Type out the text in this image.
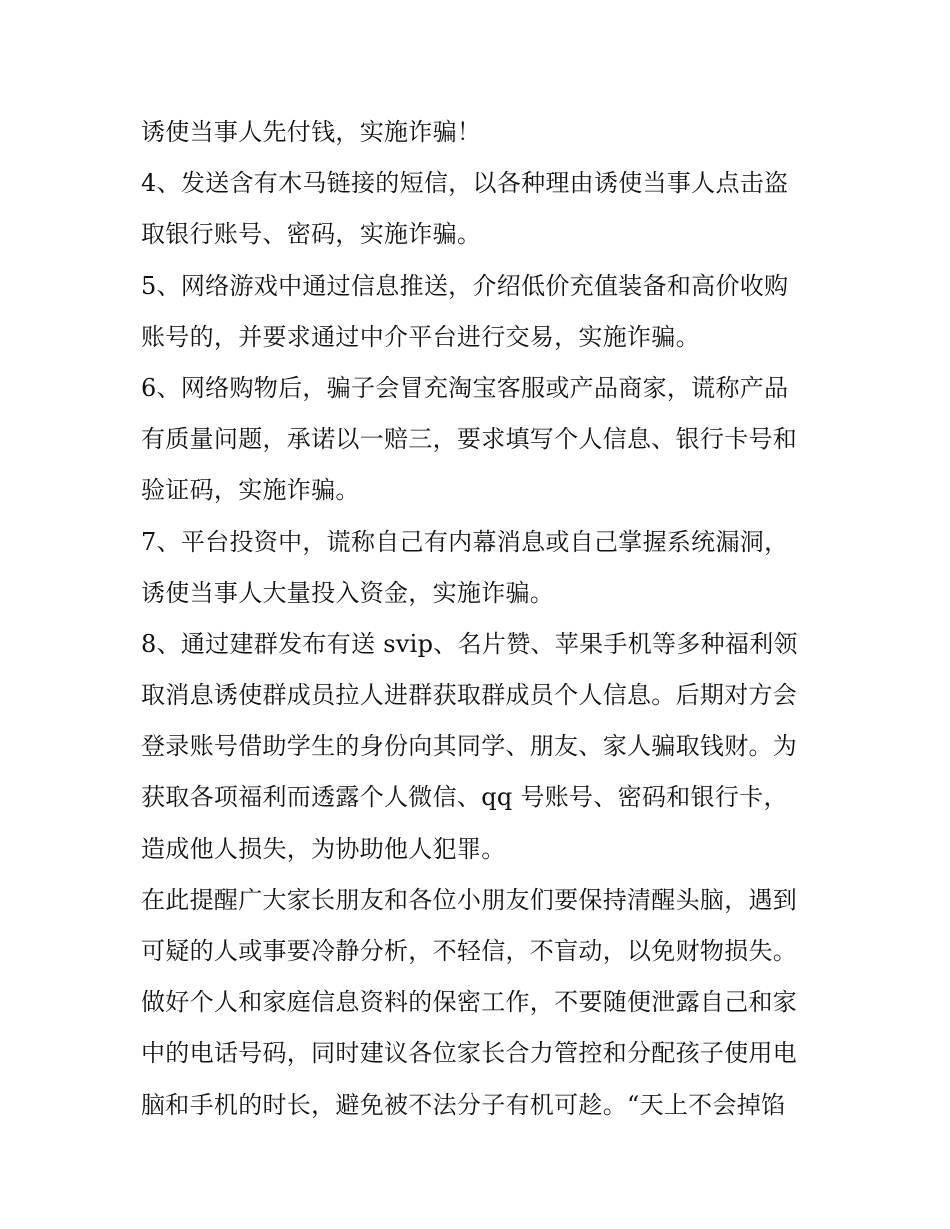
诱使当事人先付钱，实施诈骗！
4、发送含有木马链接的短信，以各种理由诱使当事人点击盗
取银行账号、密码，实施诈骗。
5、网络游戏中通过信息推送，介绍低价充值装备和高价收购
账号的，并要求通过中介平台进行交易，实施诈骗。
6、网络购物后，骗子会冒充淘宝客服或产品商家，谎称产品
有质量问题，承诺以一赔三，要求填写个人信息、银行卡号和
验证码，实施诈骗。
7、平台投资中，谎称自己有内幕消息或自己掌握系统漏洞，
诱使当事人大量投入资金，实施诈骗。
8、通过建群发布有送 svip、名片赞、苹果手机等多种福利领
取消息诱使群成员拉人进群获取群成员个人信息。后期对方会
登录账号借助学生的身份向其同学、朋友、家人骗取钱财。为
获取各项福利而透露个人微信、qq 号账号、密码和银行卡，
造成他人损失，为协助他人犯罪。
在此提醒广大家长朋友和各位小朋友们要保持清醒头脑，遇到
可疑的人或事要冷静分析，不轻信，不盲动，以免财物损失。
做好个人和家庭信息资料的保密工作，不要随便泄露自己和家
中的电话号码，同时建议各位家长合力管控和分配孩子使用电
脑和手机的时长，避免被不法分子有机可趁。“天上不会掉馅
